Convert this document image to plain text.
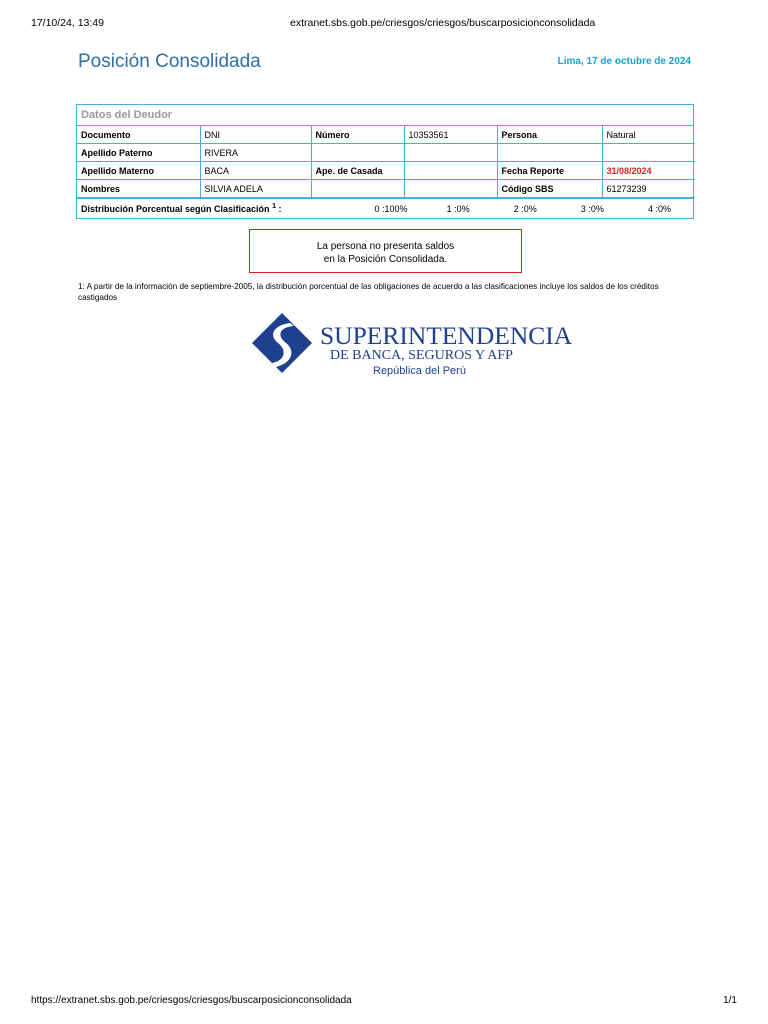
17/10/24, 13:49	extranet.sbs.gob.pe/criesgos/criesgos/buscarposicionconsolidada
Posición Consolidada	Lima, 17 de octubre de 2024
Datos del Deudor
Documento	DNI	Número	10353561	Persona	Natural
Apellido Paterno	RIVERA				
Apellido Materno	BACA	Ape. de Casada		Fecha Reporte	31/08/2024
Nombres	SILVIA ADELA			Código SBS	61273239
Distribución Porcentual según Clasificación $^1$ :	0 :100%	1 :0%	2 :0%	3 :0%	4 :0%
La persona no presenta saldos
en la Posición Consolidada.
1: A partir de la información de septiembre-2005, la distribución porcentual de las obligaciones de acuerdo a las clasificaciones incluye los saldos de los créditos castigados
SUPERINTENDENCIA
DE BANCA, SEGUROS Y AFP
República del Perú
https://extranet.sbs.gob.pe/criesgos/criesgos/buscarposicionconsolidada	1/1
